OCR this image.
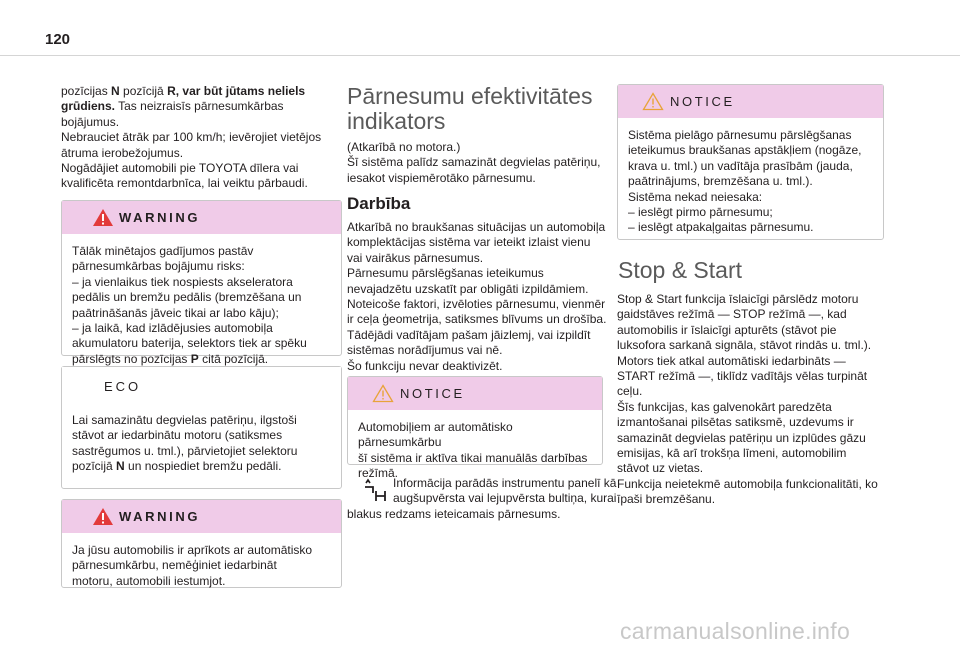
120
pozīcijas N pozīcijā R, var būt jūtams neliels
grūdiens. Tas neizraisīs pārnesumkārbas
bojājumus.
Nebrauciet ātrāk par 100 km/h; ievērojiet vietējos
ātruma ierobežojumus.
Nogādājiet automobili pie TOYOTA dīlera vai
kvalificēta remontdarbnīca, lai veiktu pārbaudi.
WARNING
Tālāk minētajos gadījumos pastāv
pārnesumkārbas bojājumu risks:
– ja vienlaikus tiek nospiests akseleratora
pedālis un bremžu pedālis (bremzēšana un
paātrināšanās jāveic tikai ar labo kāju);
– ja laikā, kad izlādējusies automobiļa
akumulatoru baterija, selektors tiek ar spēku
pārslēgts no pozīcijas P citā pozīcijā.
ECO
Lai samazinātu degvielas patēriņu, ilgstoši
stāvot ar iedarbinātu motoru (satiksmes
sastrēgumos u. tml.), pārvietojiet selektoru
pozīcijā N un nospiediet bremžu pedāli.
WARNING
Ja jūsu automobilis ir aprīkots ar automātisko
pārnesumkārbu, nemēģiniet iedarbināt
motoru, automobili iestumjot.
Pārnesumu efektivitātes
indikators
(Atkarībā no motora.)
Šī sistēma palīdz samazināt degvielas patēriņu,
iesakot vispiemērotāko pārnesumu.
Darbība
Atkarībā no braukšanas situācijas un automobiļa
komplektācijas sistēma var ieteikt izlaist vienu
vai vairākus pārnesumus.
Pārnesumu pārslēgšanas ieteikumus
nevajadzētu uzskatīt par obligāti izpildāmiem.
Noteicoše faktori, izvēloties pārnesumu, vienmēr
ir ceļa ģeometrija, satiksmes blīvums un drošība.
Tādējādi vadītājam pašam jāizlemj, vai izpildīt
sistēmas norādījumus vai nē.
Šo funkciju nevar deaktivizēt.
NOTICE
Automobiļiem ar automātisko pārnesumkārbu
šī sistēma ir aktīva tikai manuālās darbības
režīmā.
Informācija parādās instrumentu panelī kā
augšupvērsta vai lejupvērsta bultiņa, kurai
blakus redzams ieteicamais pārnesums.
NOTICE
Sistēma pielāgo pārnesumu pārslēgšanas
ieteikumus braukšanas apstākļiem (nogāze,
krava u. tml.) un vadītāja prasībām (jauda,
paātrinājums, bremzēšana u. tml.).
Sistēma nekad neiesaka:
– ieslēgt pirmo pārnesumu;
– ieslēgt atpakaļgaitas pārnesumu.
Stop & Start
Stop & Start funkcija īslaicīgi pārslēdz motoru
gaidstāves režīmā — STOP režīmā —, kad
automobilis ir īslaicīgi apturēts (stāvot pie
luksofora sarkanā signāla, stāvot rindās u. tml.).
Motors tiek atkal automātiski iedarbināts —
START režīmā —, tiklīdz vadītājs vēlas turpināt
ceļu.
Šīs funkcijas, kas galvenokārt paredzēta
izmantošanai pilsētas satiksmē, uzdevums ir
samazināt degvielas patēriņu un izplūdes gāzu
emisijas, kā arī trokšņa līmeni, automobilim
stāvot uz vietas.
Funkcija neietekmē automobiļa funkcionalitāti, ko
īpaši bremzēšanu.
carmanualsonline.info
